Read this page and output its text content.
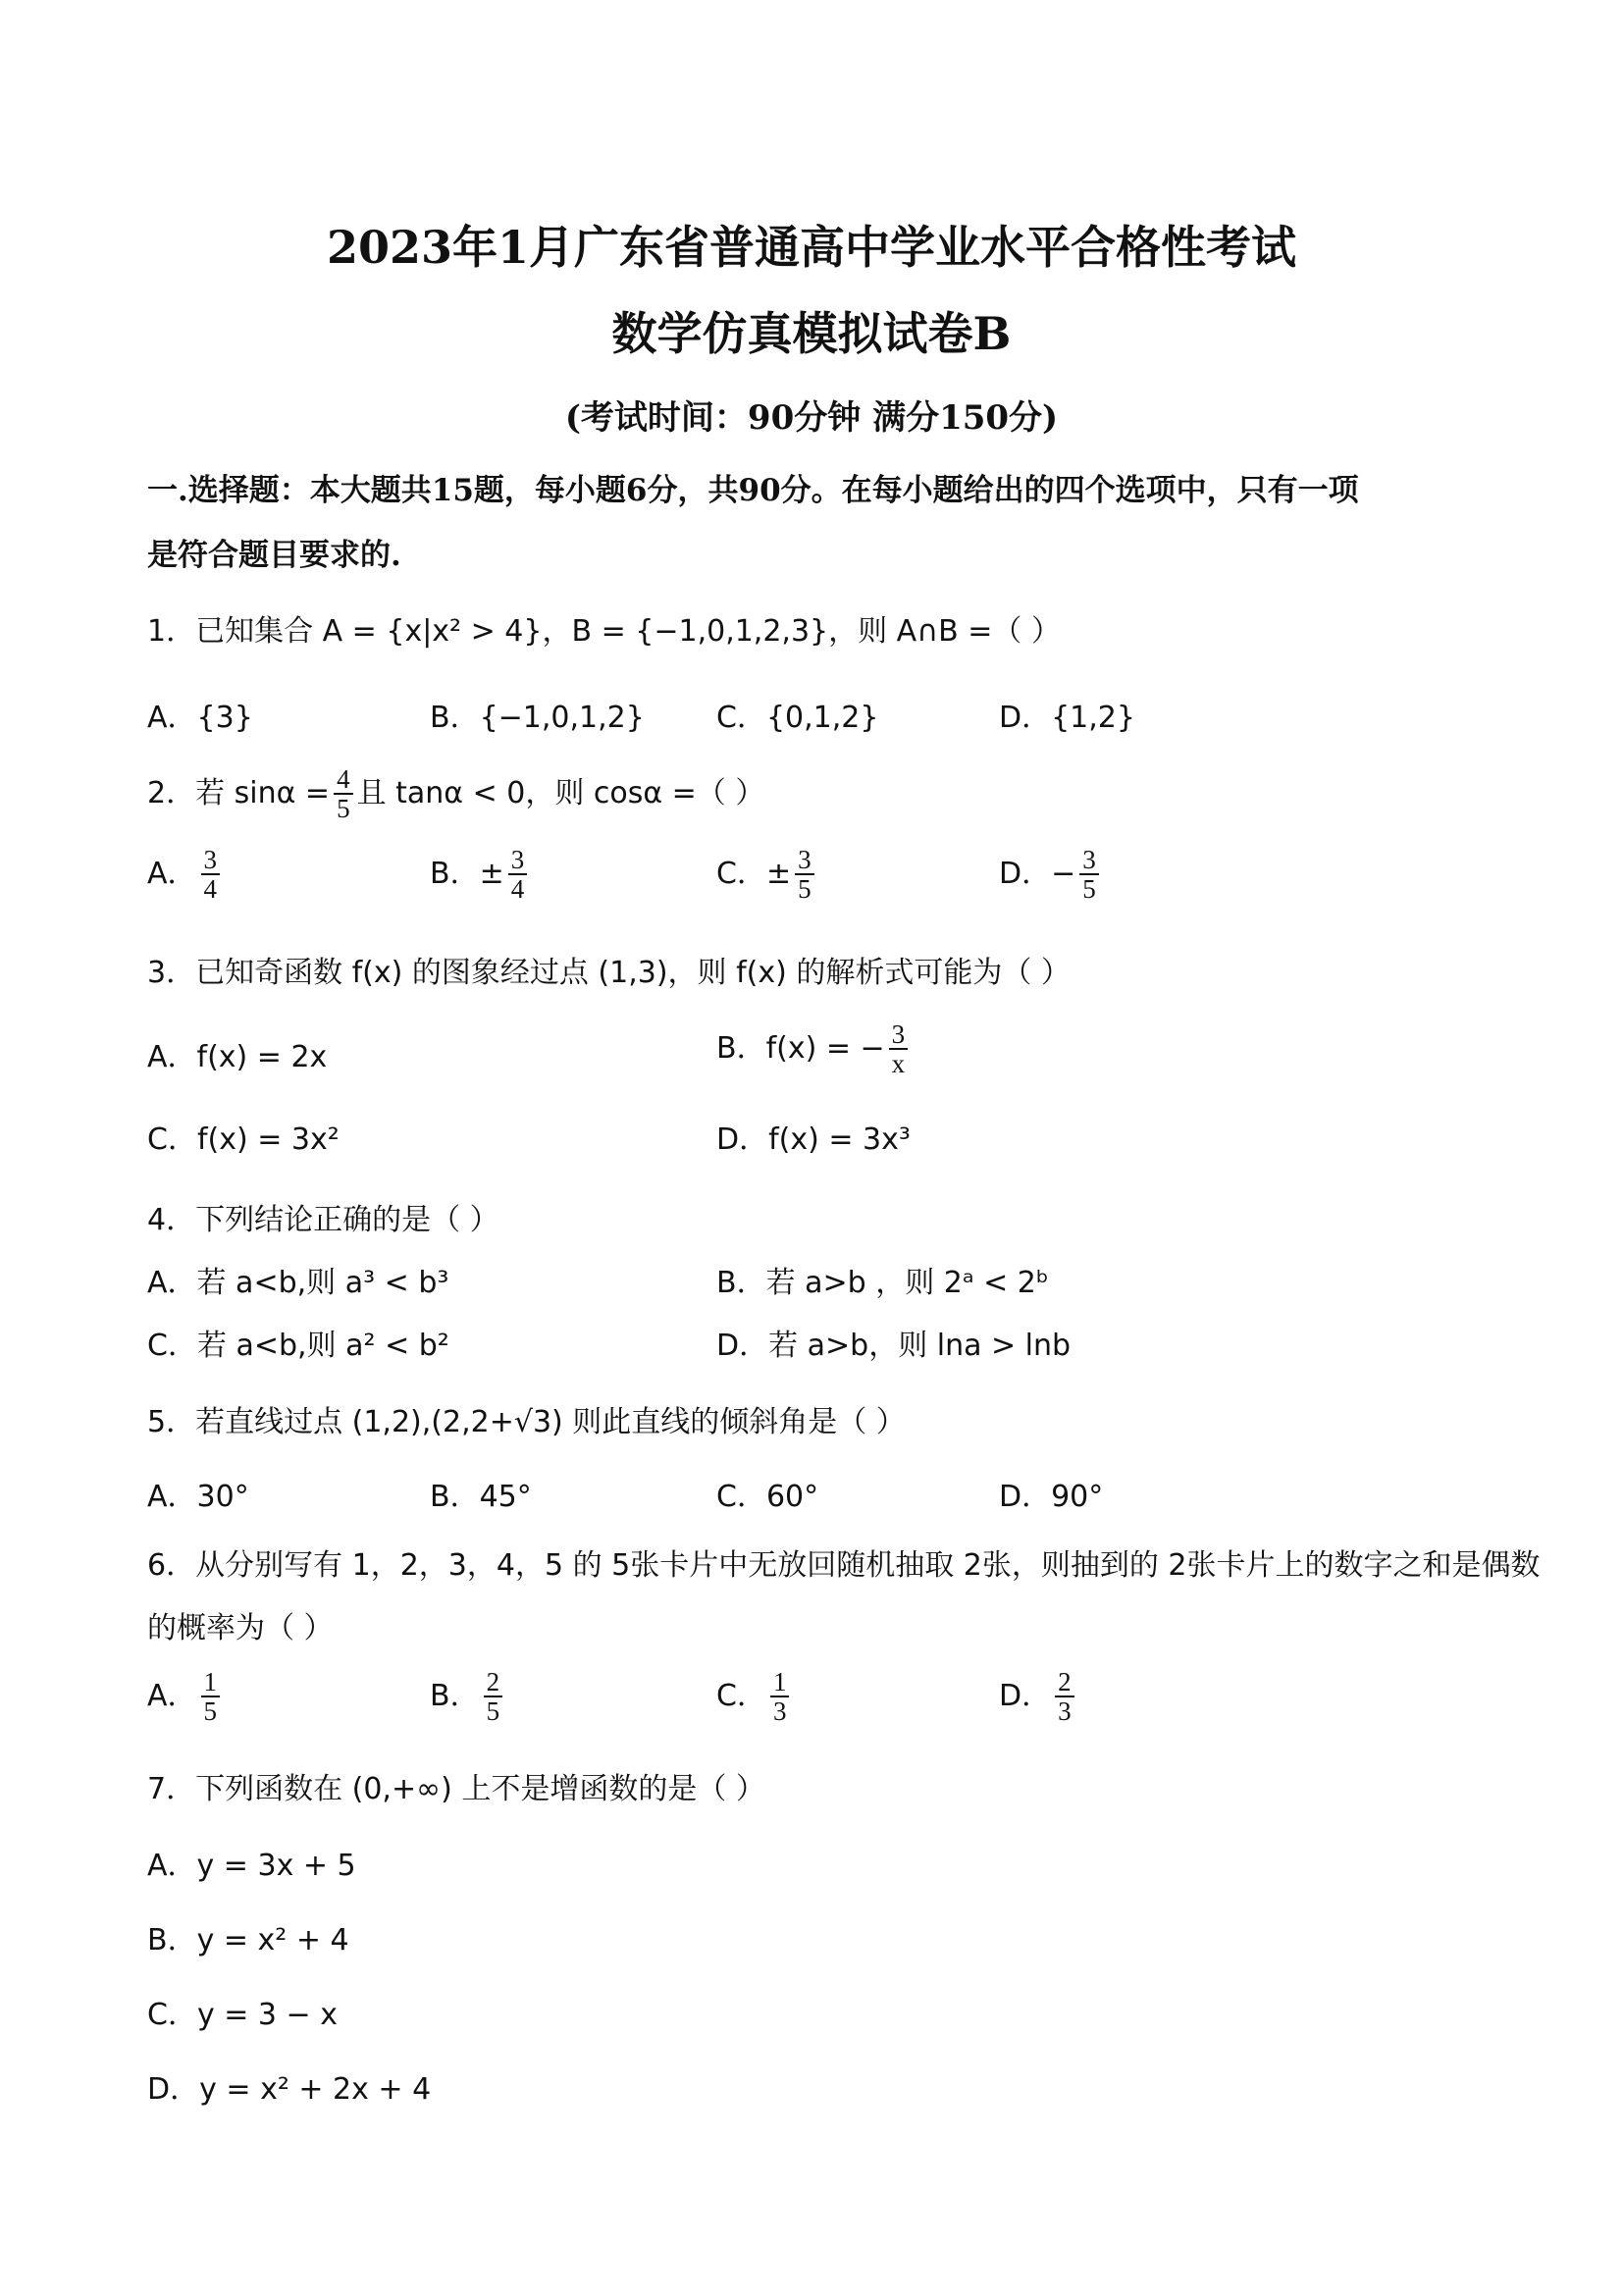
2023年1月广东省普通高中学业水平合格性考试
数学仿真模拟试卷B
(考试时间：90分钟 满分150分)
一.选择题：本大题共15题，每小题6分，共90分。在每小题给出的四个选项中，只有一项
是符合题目要求的.
1．已知集合 A = {x|x² > 4}，B = {−1,0,1,2,3}，则 A∩B =（ ）
A．{3}	B．{−1,0,1,2} C．{0,1,2}	D．{1,2}
2．若 $\sin\alpha = \frac{4}{5}$ 且 tanα < 0，则 cosα =（ ）
A． $\frac{3}{4}$	B．± $\frac{3}{4}$	C．± $\frac{3}{5}$	D．− $\frac{3}{5}$
3．已知奇函数 f(x) 的图象经过点 (1,3)，则 f(x) 的解析式可能为（ ）
A．f(x) = 2x	B．f(x) = − $\frac{3}{x}$
C．f(x) = 3x²	D．f(x) = 3x³
4．下列结论正确的是（ ）
A．若 a<b,则 a³ < b³	B．若 a>b ，则 2ᵃ < 2ᵇ
C．若 a<b,则 a² < b²	D．若 a>b，则 lna > lnb
5．若直线过点 (1,2),(2,2+√3) 则此直线的倾斜角是（ ）
A．30°	B．45°	C．60°	D．90°
6．从分别写有 1，2，3，4，5 的 5张卡片中无放回随机抽取 2张，则抽到的 2张卡片上的数字之和是偶数
的概率为（ ）
A． $\frac{1}{5}$	B． $\frac{2}{5}$	C． $\frac{1}{3}$	D． $\frac{2}{3}$
7．下列函数在 (0,+∞) 上不是增函数的是（ ）
A．y = 3x + 5
B．y = x² + 4
C．y = 3 − x
D．y = x² + 2x + 4
